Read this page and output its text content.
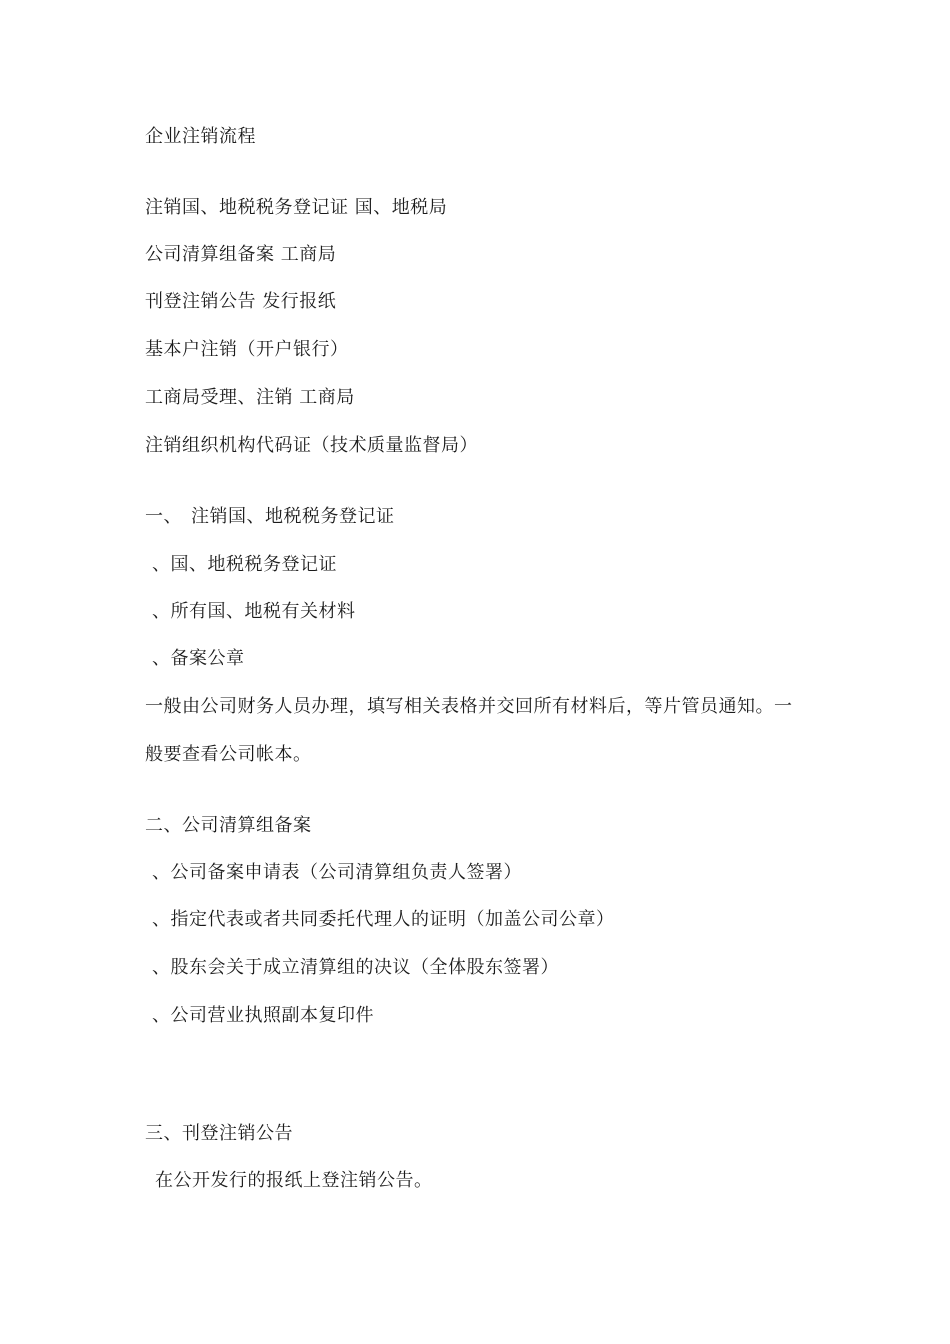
企业注销流程
注销国、地税税务登记证 国、地税局
公司清算组备案 工商局
刊登注销公告 发行报纸
基本户注销（开户银行）
工商局受理、注销 工商局
注销组织机构代码证（技术质量监督局）
一、 注销国、地税税务登记证
、国、地税税务登记证
、所有国、地税有关材料
、备案公章
一般由公司财务人员办理，填写相关表格并交回所有材料后，等片管员通知。一
般要查看公司帐本。
二、公司清算组备案
、公司备案申请表（公司清算组负责人签署）
、指定代表或者共同委托代理人的证明（加盖公司公章）
、股东会关于成立清算组的决议（全体股东签署）
、公司营业执照副本复印件
三、刊登注销公告
在公开发行的报纸上登注销公告。
